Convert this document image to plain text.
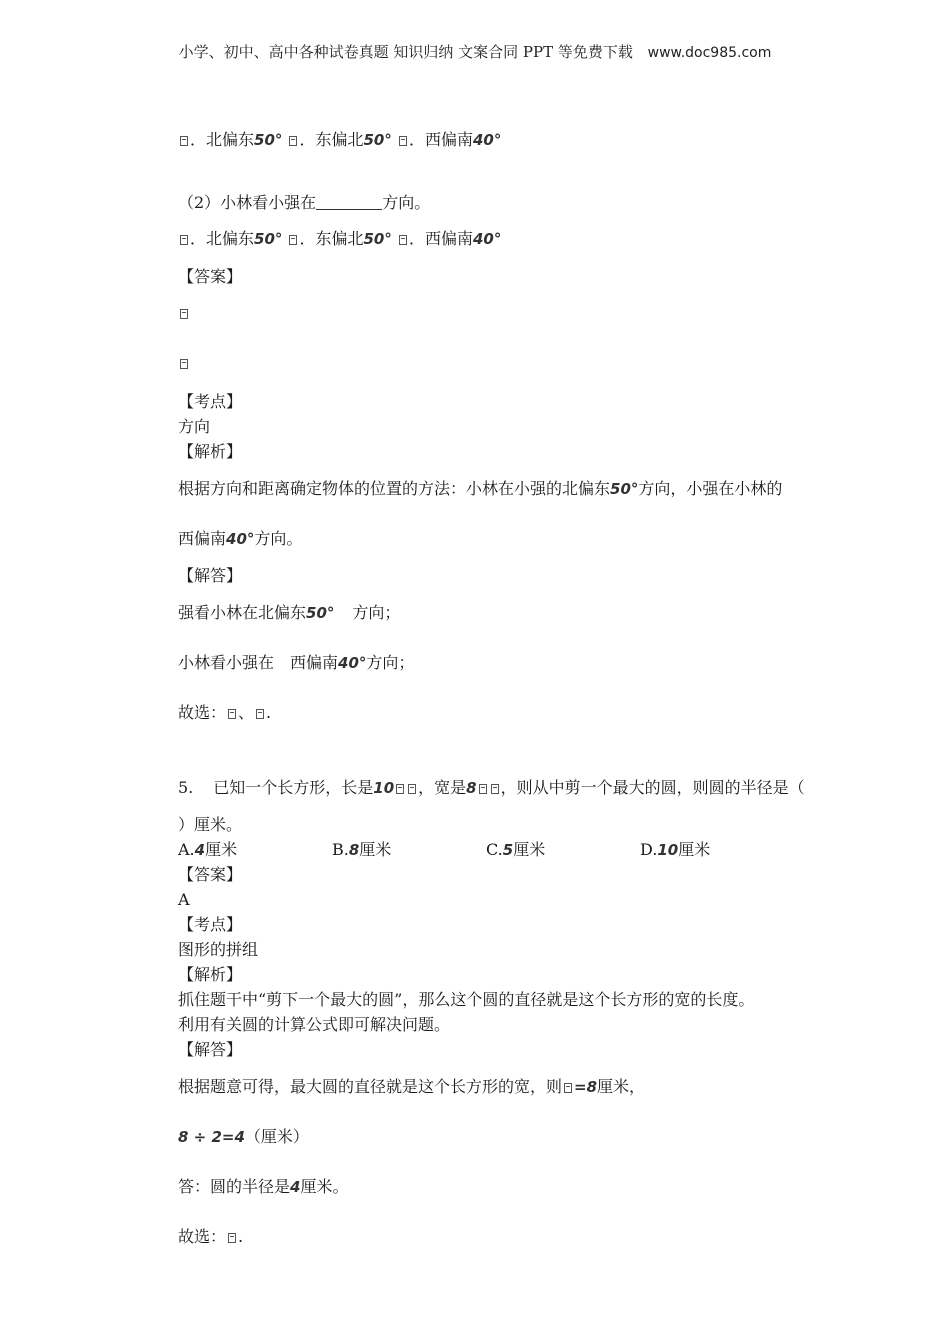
小学、初中、高中各种试卷真题 知识归纳 文案合同 PPT 等免费下载 www.doc985.com
．北偏东50° ．东偏北50° ．西偏南40°
（2）小林看小强在	方向。
．北偏东50° ．东偏北50° ．西偏南40°
【答案】
【考点】
方向
【解析】
根据方向和距离确定物体的位置的方法：小林在小强的北偏东50°方向，小强在小林的
西偏南40°方向。
【解答】
强看小林在北偏东50° 方向；
小林看小强在　西偏南40°方向；
故选： 、 .
5. 已知一个长方形，长是10 ，宽是8 ，则从中剪一个最大的圆，则圆的半径是（
）厘米。
A.4厘米	B.8厘米	C.5厘米	D.10厘米
【答案】
A
【考点】
图形的拼组
【解析】
抓住题干中“剪下一个最大的圆”，那么这个圆的直径就是这个长方形的宽的长度。
利用有关圆的计算公式即可解决问题。
【解答】
根据题意可得，最大圆的直径就是这个长方形的宽，则 =8厘米，
8 ÷ 2=4（厘米）
答：圆的半径是4厘米。
故选： .
